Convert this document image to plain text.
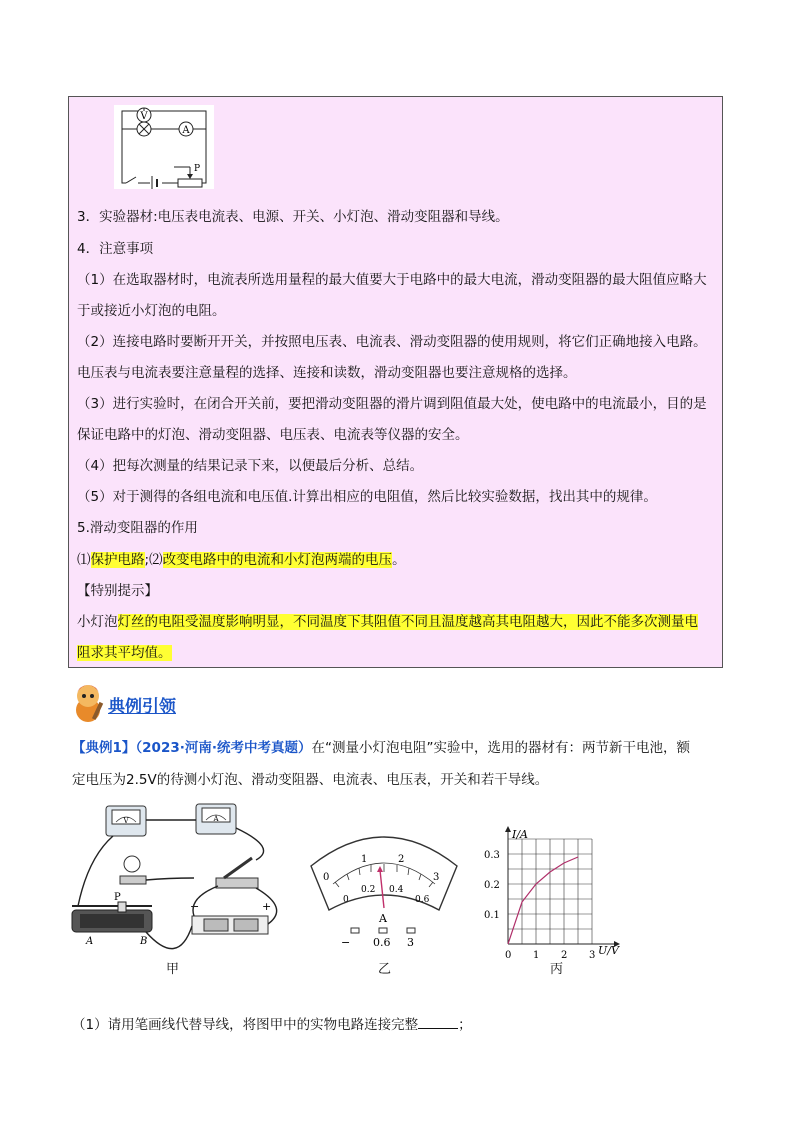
V
A
P
3．实验器材:电压表电流表、电源、开关、小灯泡、滑动变阻器和导线。
4．注意事项
（1）在选取器材时，电流表所选用量程的最大值要大于电路中的最大电流，滑动变阻器的最大阻值应略大
于或接近小灯泡的电阻。
（2）连接电路时要断开开关，并按照电压表、电流表、滑动变阻器的使用规则，将它们正确地接入电路。
电压表与电流表要注意量程的选择、连接和读数，滑动变阻器也要注意规格的选择。
（3）进行实验时，在闭合开关前，要把滑动变阻器的滑片调到阻值最大处，使电路中的电流最小，目的是
保证电路中的灯泡、滑动变阻器、电压表、电流表等仪器的安全。
（4）把每次测量的结果记录下来，以便最后分析、总结。
（5）对于测得的各组电流和电压值.计算出相应的电阻值，然后比较实验数据，找出其中的规律。
5.滑动变阻器的作用
⑴保护电路;⑵改变电路中的电流和小灯泡两端的电压。
【特别提示】
小灯泡灯丝的电阻受温度影响明显，不同温度下其阻值不同且温度越高其电阻越大，因此不能多次测量电
阻求其平均值。
典例引领
【典例1】（2023·河南·统考中考真题）在“测量小灯泡电阻”实验中，选用的器材有：两节新干电池，额
定电压为2.5V的待测小灯泡、滑动变阻器、电流表、电压表，开关和若干导线。
V	A
P
A	B
−	+
甲
0
1	2
3
0
0.2 0.4
0.6
A
− 0.6 3
乙
I/A
U/V
0.3
0.2
0.1
0 1 2 3
丙
（1）请用笔画线代替导线，将图甲中的实物电路连接完整	；
